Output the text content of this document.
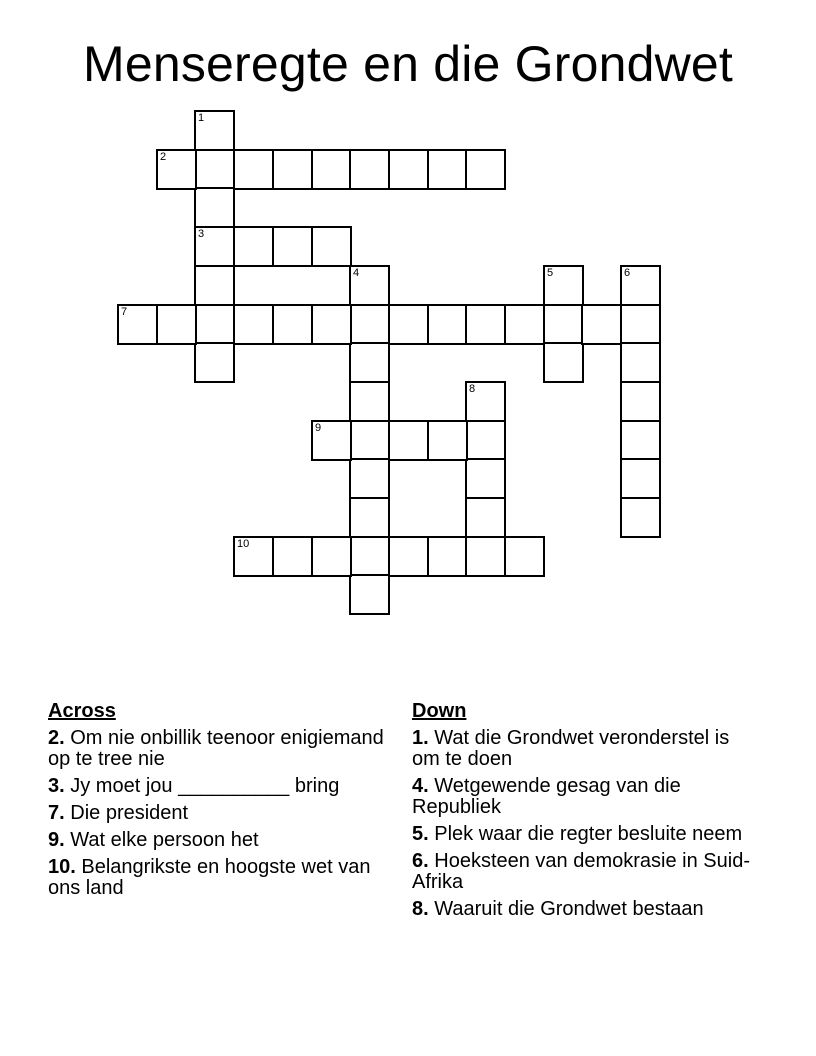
Menseregte en die Grondwet
1
3
2
4	5	6
7
8
9
10
Across
2. Om nie onbillik teenoor enigiemand op te tree nie
3. Jy moet jou __________ bring
7. Die president
9. Wat elke persoon het
10. Belangrikste en hoogste wet van ons land
Down
1. Wat die Grondwet veronderstel is om te doen
4. Wetgewende gesag van die Republiek
5. Plek waar die regter besluite neem
6. Hoeksteen van demokrasie in Suid-Afrika
8. Waaruit die Grondwet bestaan
